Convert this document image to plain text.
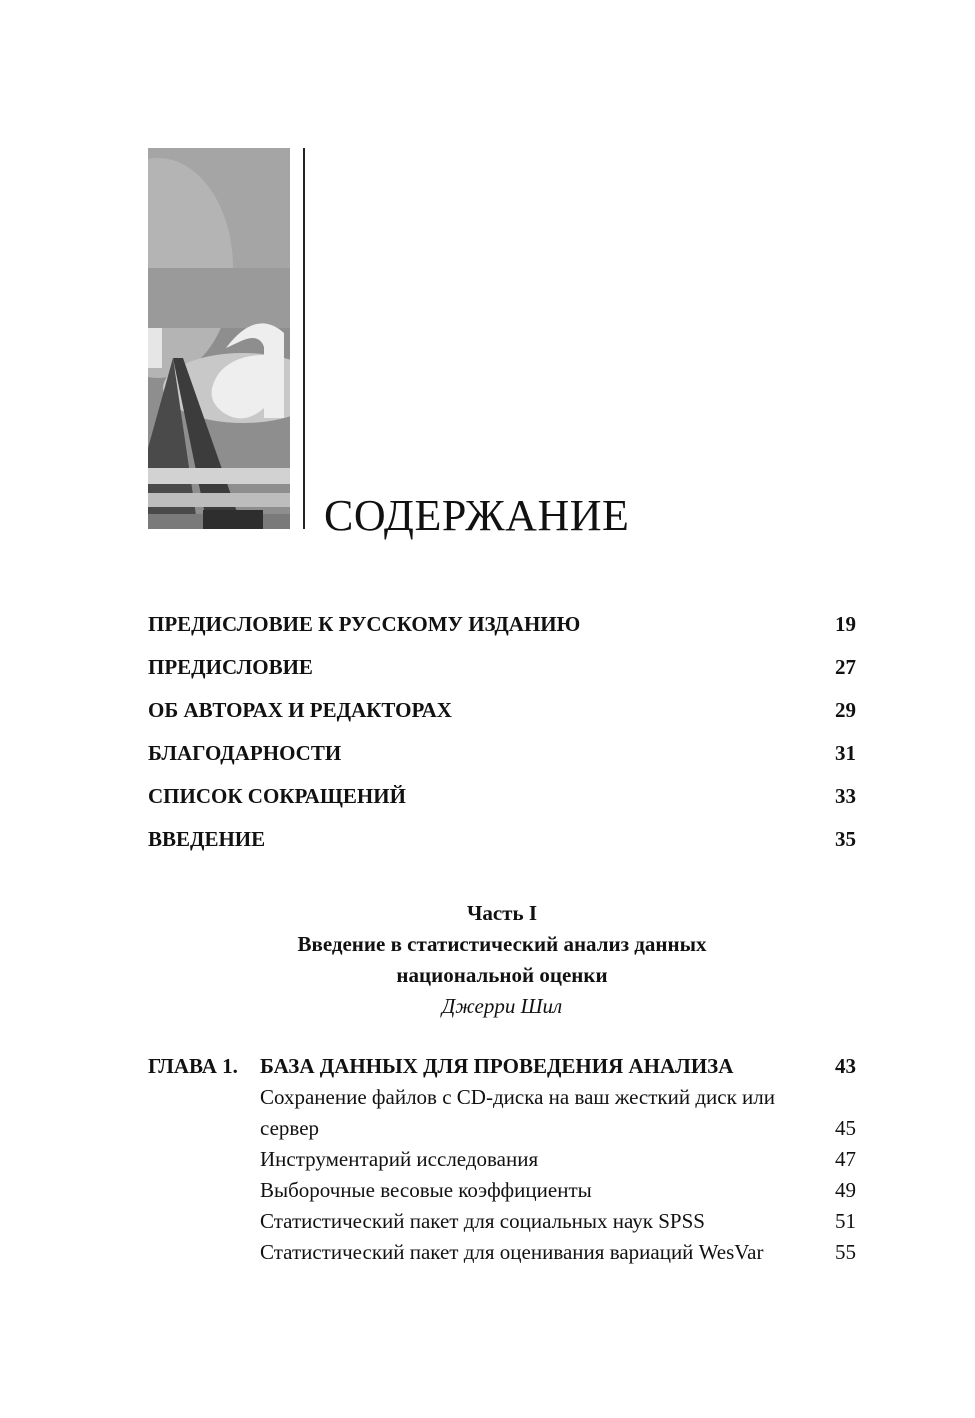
СОДЕРЖАНИЕ
ПРЕДИСЛОВИЕ К РУССКОМУ ИЗДАНИЮ	19
ПРЕДИСЛОВИЕ	27
ОБ АВТОРАХ И РЕДАКТОРАХ	29
БЛАГОДАРНОСТИ	31
СПИСОК СОКРАЩЕНИЙ	33
ВВЕДЕНИЕ	35
Часть I
Введение в статистический анализ данных
национальной оценки
Джерри Шил
ГЛАВА 1.	БАЗА ДАННЫХ ДЛЯ ПРОВЕДЕНИЯ АНАЛИЗА	43
Сохранение файлов с CD-диска на ваш жесткий диск или сервер	45
Инструментарий исследования	47
Выборочные весовые коэффициенты	49
Статистический пакет для социальных наук SPSS	51
Статистический пакет для оценивания вариаций WesVar	55
